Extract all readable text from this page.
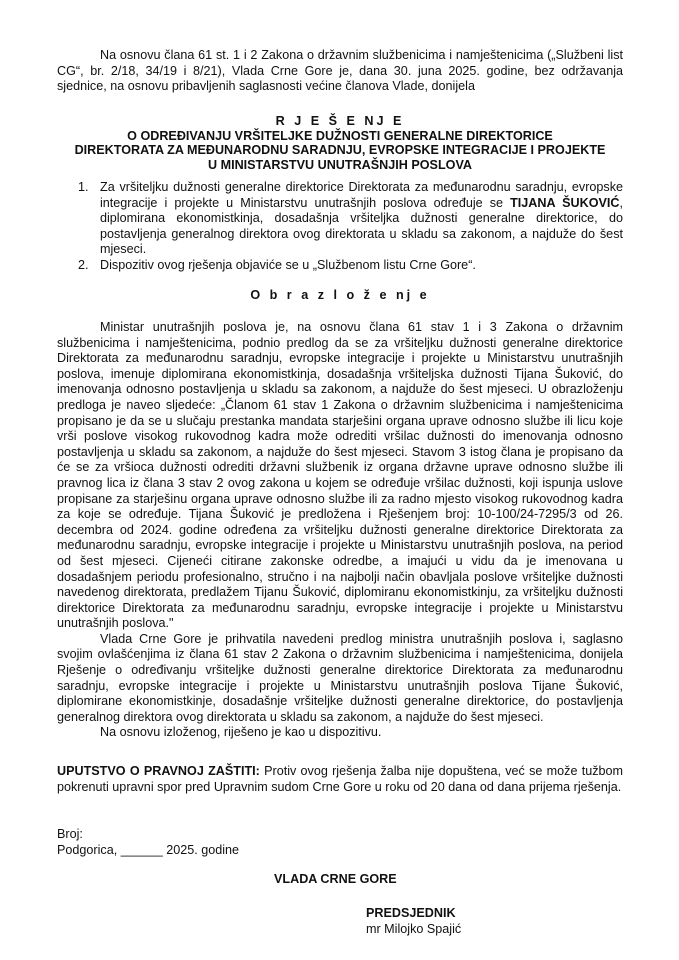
Na osnovu člana 61 st. 1 i 2 Zakona o državnim službenicima i namještenicima („Službeni list CG“, br. 2/18, 34/19 i 8/21), Vlada Crne Gore je, dana 30. juna 2025. godine, bez održavanja sjednice, na osnovu pribavljenih saglasnosti većine članova Vlade, donijela

R J E Š E NJ E
O ODREĐIVANJU VRŠITELJKE DUŽNOSTI GENERALNE DIREKTORICE
DIREKTORATA ZA MEĐUNARODNU SARADNJU, EVROPSKE INTEGRACIJE I PROJEKTE
U MINISTARSTVU UNUTRAŠNJIH POSLOVA
1. Za vršiteljku dužnosti generalne direktorice Direktorata za međunarodnu saradnju, evropske integracije i projekte u Ministarstvu unutrašnjih poslova određuje se TIJANA ŠUKOVIĆ, diplomirana ekonomistkinja, dosadašnja vršiteljka dužnosti generalne direktorice, do postavljenja generalnog direktora ovog direktorata u skladu sa zakonom, a najduže do šest mjeseci.
2. Dispozitiv ovog rješenja objaviće se u „Službenom listu Crne Gore“.
O b r a z l o ž e nj e

Ministar unutrašnjih poslova je, na osnovu člana 61 stav 1 i 3 Zakona o državnim službenicima i namještenicima, podnio predlog da se za vršiteljku dužnosti generalne direktorice Direktorata za međunarodnu saradnju, evropske integracije i projekte u Ministarstvu unutrašnjih poslova, imenuje diplomirana ekonomistkinja, dosadašnja vršiteljska dužnosti Tijana Šuković, do imenovanja odnosno postavljenja u skladu sa zakonom, a najduže do šest mjeseci. U obrazloženju predloga je naveo sljedeće: „Članom 61 stav 1 Zakona o državnim službenicima i namještenicima propisano je da se u slučaju prestanka mandata starješini organa uprave odnosno službe ili licu koje vrši poslove visokog rukovodnog kadra može odrediti vršilac dužnosti do imenovanja odnosno postavljenja u skladu sa zakonom, a najduže do šest mjeseci. Stavom 3 istog člana je propisano da će se za vršioca dužnosti odrediti državni službenik iz organa državne uprave odnosno službe ili pravnog lica iz člana 3 stav 2 ovog zakona u kojem se određuje vršilac dužnosti, koji ispunja uslove propisane za starješinu organa uprave odnosno službe ili za radno mjesto visokog rukovodnog kadra za koje se određuje. Tijana Šuković je predložena i Rješenjem broj: 10-100/24-7295/3 od 26. decembra od 2024. godine određena za vršiteljku dužnosti generalne direktorice Direktorata za međunarodnu saradnju, evropske integracije i projekte u Ministarstvu unutrašnjih poslova, na period od šest mjeseci. Cijeneći citirane zakonske odredbe, a imajući u vidu da je imenovana u dosadašnjem periodu profesionalno, stručno i na najbolji način obavljala poslove vršiteljke dužnosti navedenog direktorata, predlažem Tijanu Šuković, diplomiranu ekonomistkinju, za vršiteljku dužnosti direktorice Direktorata za međunarodnu saradnju, evropske integracije i projekte u Ministarstvu unutrašnjih poslova."

Vlada Crne Gore je prihvatila navedeni predlog ministra unutrašnjih poslova i, saglasno svojim ovlašćenjima iz člana 61 stav 2 Zakona o državnim službenicima i namještenicima, donijela Rješenje o određivanju vršiteljke dužnosti generalne direktorice Direktorata za međunarodnu saradnju, evropske integracije i projekte u Ministarstvu unutrašnjih poslova Tijane Šuković, diplomirane ekonomistkinje, dosadašnje vršiteljke dužnosti generalne direktorice, do postavljenja generalnog direktora ovog direktorata u skladu sa zakonom, a najduže do šest mjeseci.

Na osnovu izloženog, riješeno je kao u dispozitivu.

UPUTSTVO O PRAVNOJ ZAŠTITI: Protiv ovog rješenja žalba nije dopuštena, već se može tužbom pokrenuti upravni spor pred Upravnim sudom Crne Gore u roku od 20 dana od dana prijema rješenja.

Broj:
Podgorica, ______ 2025. godine
VLADA CRNE GORE
PREDSJEDNIK
mr Milojko Spajić
